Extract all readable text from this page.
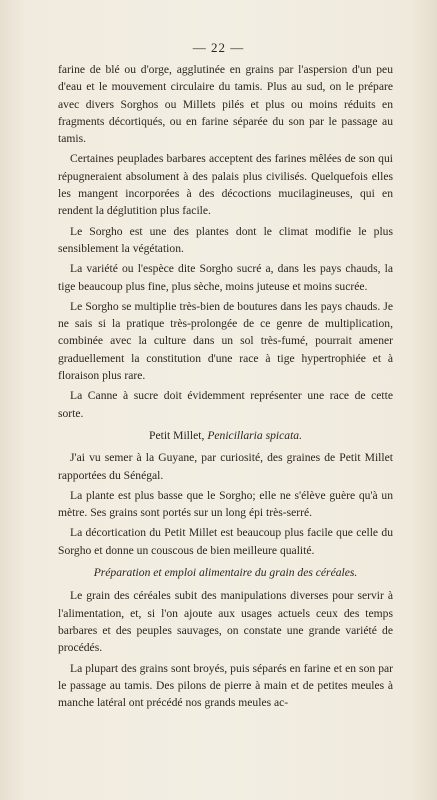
— 22 —

farine de blé ou d'orge, agglutinée en grains par l'aspersion d'un peu d'eau et le mouvement circulaire du tamis. Plus au sud, on le prépare avec divers Sorghos ou Millets pilés et plus ou moins réduits en fragments décortiqués, ou en farine séparée du son par le passage au tamis.

Certaines peuplades barbares acceptent des farines mêlées de son qui répugneraient absolument à des palais plus civilisés. Quelquefois elles les mangent incorporées à des décoctions mucilagineuses, qui en rendent la déglutition plus facile.

Le Sorgho est une des plantes dont le climat modifie le plus sensiblement la végétation.

La variété ou l'espèce dite Sorgho sucré a, dans les pays chauds, la tige beaucoup plus fine, plus sèche, moins juteuse et moins sucrée.

Le Sorgho se multiplie très-bien de boutures dans les pays chauds. Je ne sais si la pratique très-prolongée de ce genre de multiplication, combinée avec la culture dans un sol très-fumé, pourrait amener graduellement la constitution d'une race à tige hypertrophiée et à floraison plus rare.

La Canne à sucre doit évidemment représenter une race de cette sorte.

Petit Millet, Penicillaria spicata.

J'ai vu semer à la Guyane, par curiosité, des graines de Petit Millet rapportées du Sénégal.

La plante est plus basse que le Sorgho; elle ne s'élève guère qu'à un mètre. Ses grains sont portés sur un long épi très-serré.

La décortication du Petit Millet est beaucoup plus facile que celle du Sorgho et donne un couscous de bien meilleure qualité.

Préparation et emploi alimentaire du grain des céréales.

Le grain des céréales subit des manipulations diverses pour servir à l'alimentation, et, si l'on ajoute aux usages actuels ceux des temps barbares et des peuples sauvages, on constate une grande variété de procédés.

La plupart des grains sont broyés, puis séparés en farine et en son par le passage au tamis. Des pilons de pierre à main et de petites meules à manche latéral ont précédé nos grands meules ac-
